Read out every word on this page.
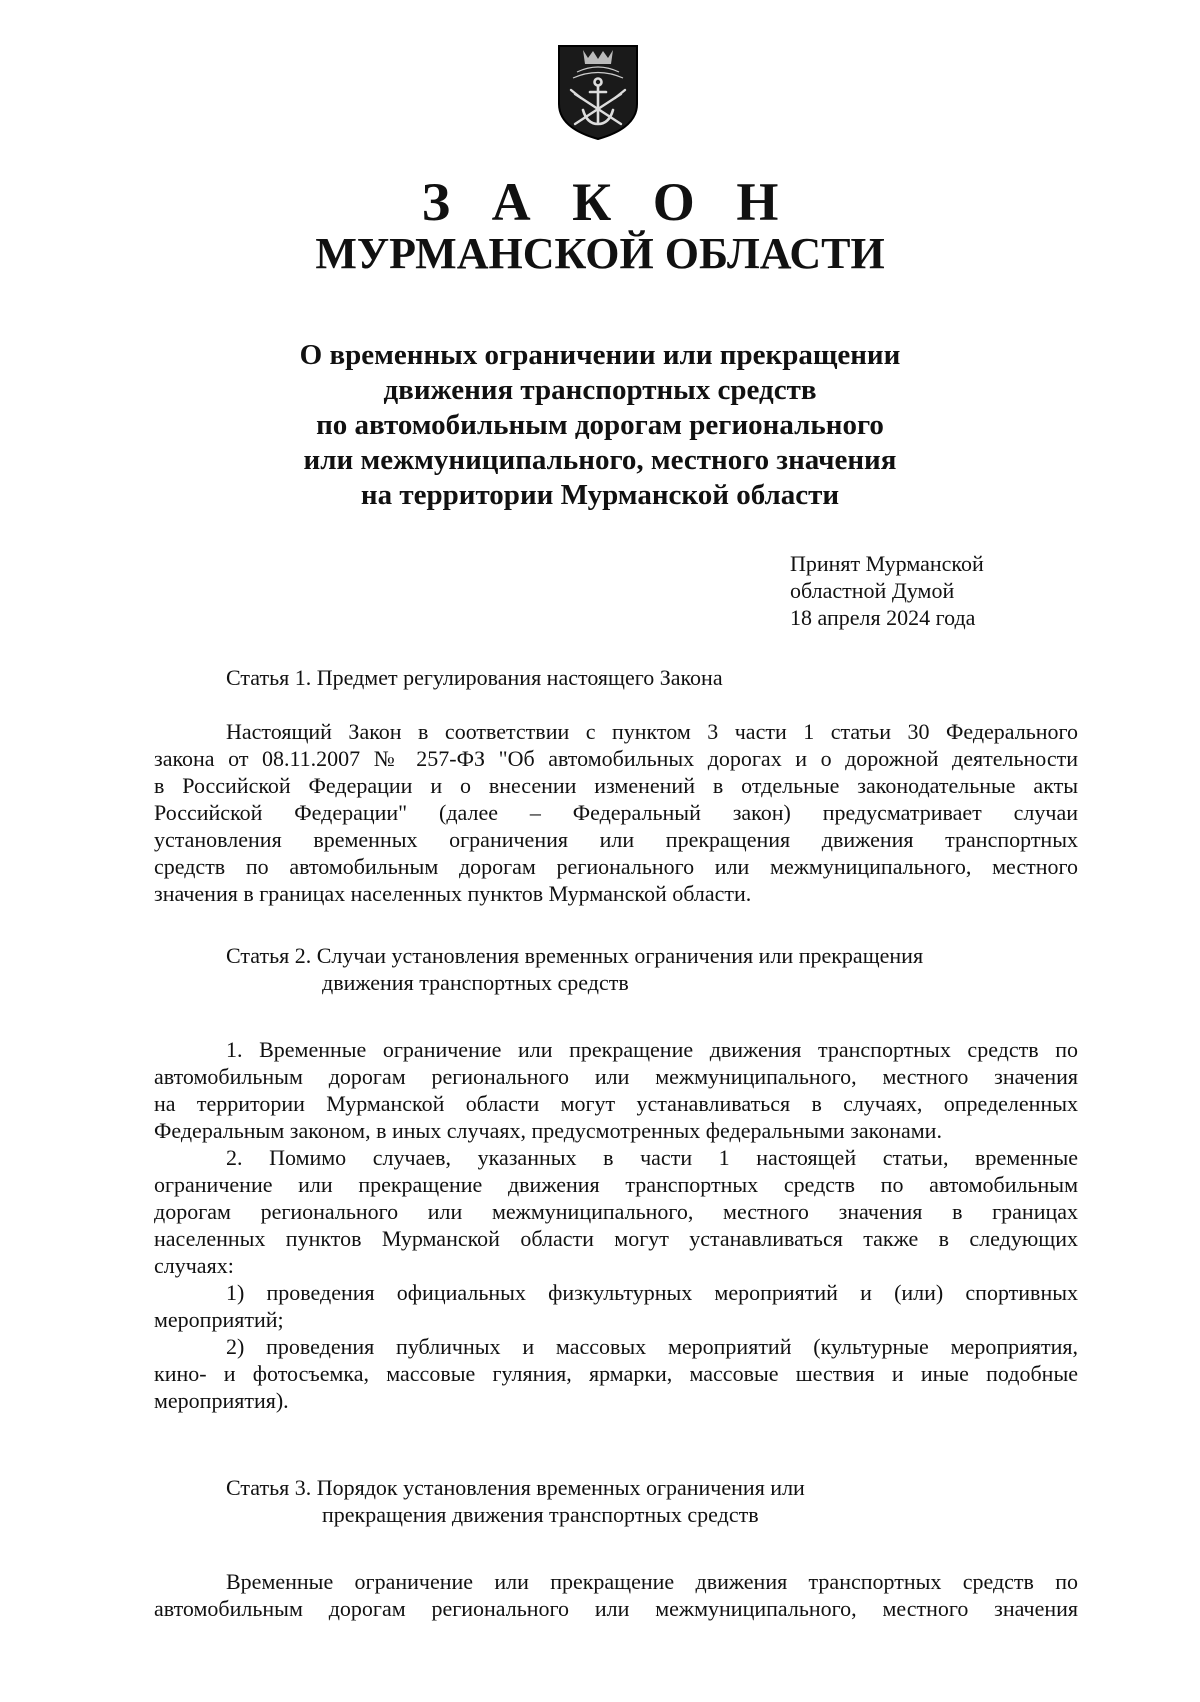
З А К О Н
МУРМАНСКОЙ ОБЛАСТИ
О временных ограничении или прекращении
движения транспортных средств
по автомобильным дорогам регионального
или межмуниципального, местного значения
на территории Мурманской области
Принят Мурманской
областной Думой
18 апреля 2024 года
Статья 1. Предмет регулирования настоящего Закона
Настоящий Закон в соответствии с пунктом 3 части 1 статьи 30 Федерального
закона от 08.11.2007 № 257-ФЗ "Об автомобильных дорогах и о дорожной деятельности
в Российской Федерации и о внесении изменений в отдельные законодательные акты
Российской Федерации" (далее – Федеральный закон) предусматривает случаи
установления временных ограничения или прекращения движения транспортных
средств по автомобильным дорогам регионального или межмуниципального, местного
значения в границах населенных пунктов Мурманской области.
Статья 2. Случаи установления временных ограничения или прекращения
движения транспортных средств
1. Временные ограничение или прекращение движения транспортных средств по
автомобильным дорогам регионального или межмуниципального, местного значения
на территории Мурманской области могут устанавливаться в случаях, определенных
Федеральным законом, в иных случаях, предусмотренных федеральными законами.
2. Помимо случаев, указанных в части 1 настоящей статьи, временные
ограничение или прекращение движения транспортных средств по автомобильным
дорогам регионального или межмуниципального, местного значения в границах
населенных пунктов Мурманской области могут устанавливаться также в следующих
случаях:
1) проведения официальных физкультурных мероприятий и (или) спортивных
мероприятий;
2) проведения публичных и массовых мероприятий (культурные мероприятия,
кино- и фотосъемка, массовые гуляния, ярмарки, массовые шествия и иные подобные
мероприятия).
Статья 3. Порядок установления временных ограничения или
прекращения движения транспортных средств
Временные ограничение или прекращение движения транспортных средств по
автомобильным дорогам регионального или межмуниципального, местного значения
